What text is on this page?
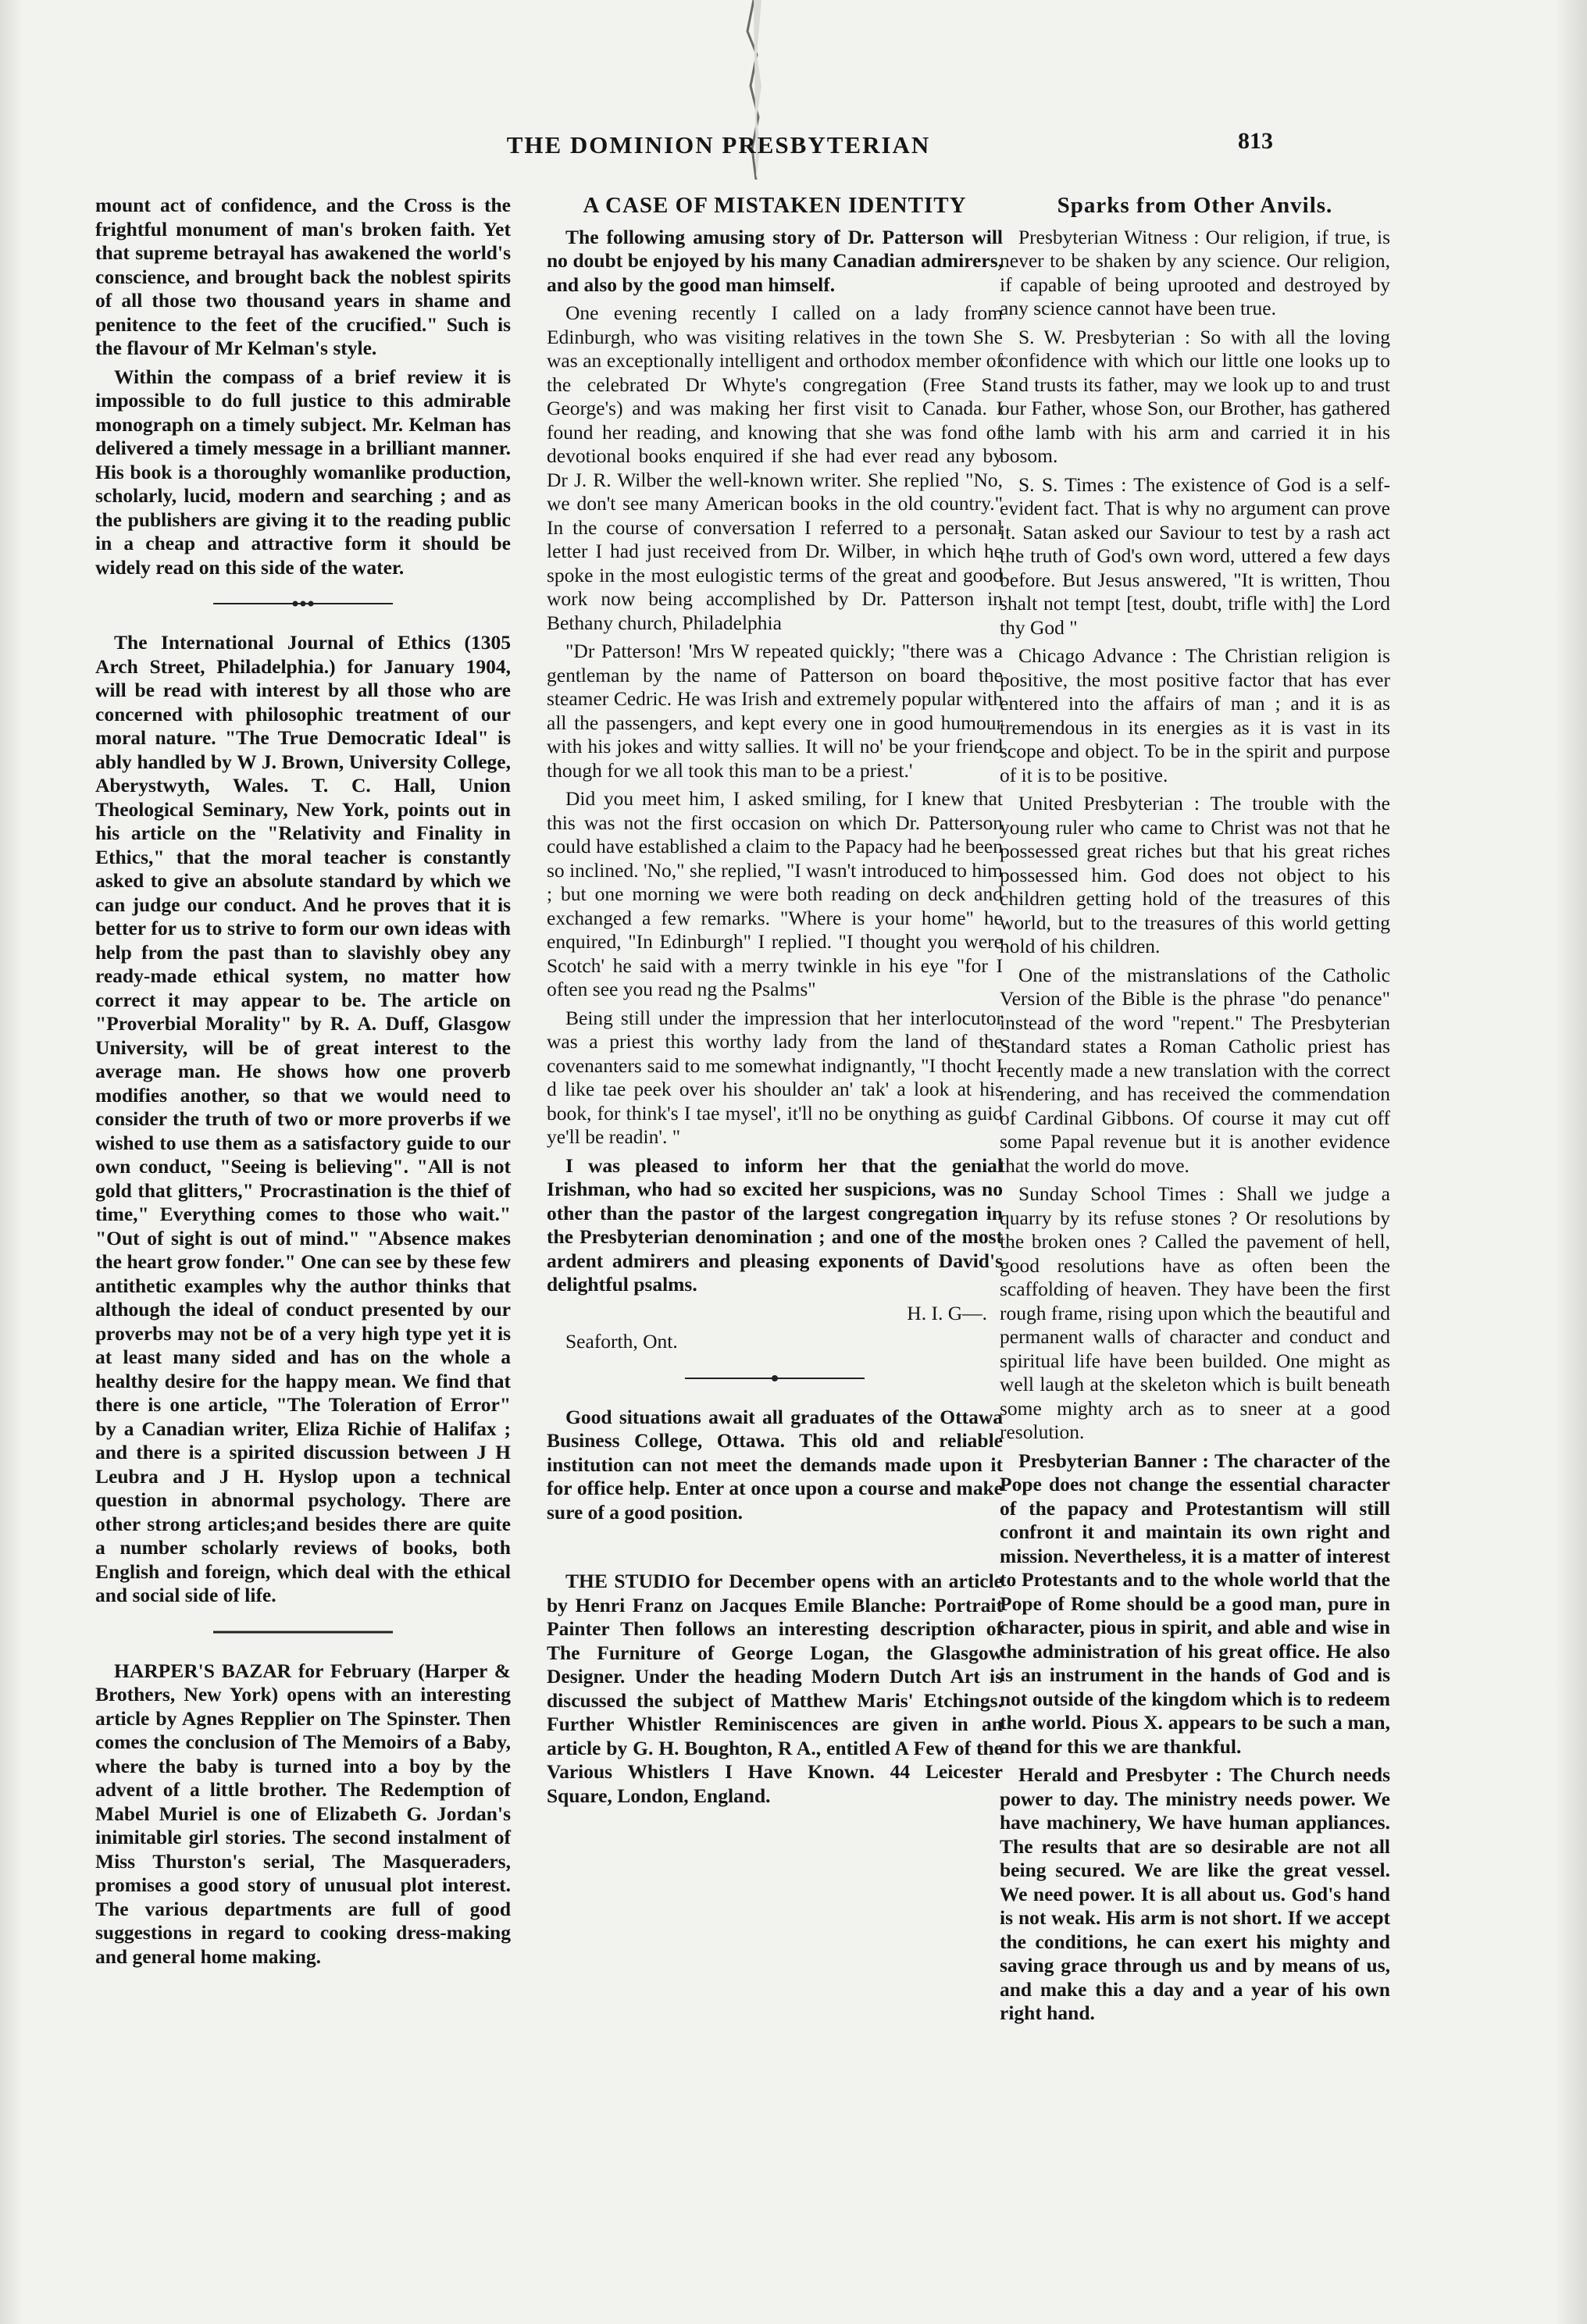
THE DOMINION PRESBYTERIAN	813

mount act of confidence, and the Cross is the frightful monument of man's broken faith. Yet that supreme betrayal has awakened the world's conscience, and brought back the noblest spirits of all those two thousand years in shame and penitence to the feet of the crucified." Such is the flavour of Mr Kelman's style.

Within the compass of a brief review it is impossible to do full justice to this admirable monograph on a timely subject. Mr. Kelman has delivered a timely message in a brilliant manner. His book is a thoroughly womanlike production, scholarly, lucid, modern and searching ; and as the publishers are giving it to the reading public in a cheap and attractive form it should be widely read on this side of the water.

The International Journal of Ethics (1305 Arch Street, Philadelphia.) for January 1904, will be read with interest by all those who are concerned with philosophic treatment of our moral nature. "The True Democratic Ideal" is ably handled by W J. Brown, University College, Aberystwyth, Wales. T. C. Hall, Union Theological Seminary, New York, points out in his article on the "Relativity and Finality in Ethics," that the moral teacher is constantly asked to give an absolute standard by which we can judge our conduct. And he proves that it is better for us to strive to form our own ideas with help from the past than to slavishly obey any ready-made ethical system, no matter how correct it may appear to be. The article on "Proverbial Morality" by R. A. Duff, Glasgow University, will be of great interest to the average man. He shows how one proverb modifies another, so that we would need to consider the truth of two or more proverbs if we wished to use them as a satisfactory guide to our own conduct, "Seeing is believing". "All is not gold that glitters," Procrastination is the thief of time," Everything comes to those who wait." "Out of sight is out of mind." "Absence makes the heart grow fonder." One can see by these few antithetic examples why the author thinks that although the ideal of conduct presented by our proverbs may not be of a very high type yet it is at least many sided and has on the whole a healthy desire for the happy mean. We find that there is one article, "The Toleration of Error" by a Canadian writer, Eliza Richie of Halifax ; and there is a spirited discussion between J H Leubra and J H. Hyslop upon a technical question in abnormal psychology. There are other strong articles;and besides there are quite a number scholarly reviews of books, both English and foreign, which deal with the ethical and social side of life.

HARPER'S BAZAR for February (Harper & Brothers, New York) opens with an interesting article by Agnes Repplier on The Spinster. Then comes the conclusion of The Memoirs of a Baby, where the baby is turned into a boy by the advent of a little brother. The Redemption of Mabel Muriel is one of Elizabeth G. Jordan's inimitable girl stories. The second instalment of Miss Thurston's serial, The Masqueraders, promises a good story of unusual plot interest. The various departments are full of good suggestions in regard to cooking dress-making and general home making.

A CASE OF MISTAKEN IDENTITY

The following amusing story of Dr. Patterson will no doubt be enjoyed by his many Canadian admirers, and also by the good man himself.

One evening recently I called on a lady from Edinburgh, who was visiting relatives in the town She was an exceptionally intelligent and orthodox member of the celebrated Dr Whyte's congregation (Free St. George's) and was making her first visit to Canada. I found her reading, and knowing that she was fond of devotional books enquired if she had ever read any by Dr J. R. Wilber the well-known writer. She replied "No, we don't see many American books in the old country." In the course of conversation I referred to a personal letter I had just received from Dr. Wilber, in which he spoke in the most eulogistic terms of the great and good work now being accomplished by Dr. Patterson in Bethany church, Philadelphia

"Dr Patterson! 'Mrs W repeated quickly; "there was a gentleman by the name of Patterson on board the steamer Cedric. He was Irish and extremely popular with all the passengers, and kept every one in good humour with his jokes and witty sallies. It will no' be your friend though for we all took this man to be a priest.'

Did you meet him, I asked smiling, for I knew that this was not the first occasion on which Dr. Patterson could have established a claim to the Papacy had he been so inclined. 'No," she replied, "I wasn't introduced to him ; but one morning we were both reading on deck and exchanged a few remarks. "Where is your home" he enquired, "In Edinburgh" I replied. "I thought you were Scotch' he said with a merry twinkle in his eye "for I often see you read ng the Psalms"

Being still under the impression that her interlocutor was a priest this worthy lady from the land of the covenanters said to me somewhat indignantly, "I thocht I d like tae peek over his shoulder an' tak' a look at his book, for think's I tae mysel', it'll no be onything as guid ye'll be readin'. "

I was pleased to inform her that the genial Irishman, who had so excited her suspicions, was no other than the pastor of the largest congregation in the Presbyterian denomination ; and one of the most ardent admirers and pleasing exponents of David's delightful psalms.

H. I. G—.

Seaforth, Ont.

Good situations await all graduates of the Ottawa Business College, Ottawa. This old and reliable institution can not meet the demands made upon it for office help. Enter at once upon a course and make sure of a good position.

THE STUDIO for December opens with an article by Henri Franz on Jacques Emile Blanche: Portrait Painter Then follows an interesting description of The Furniture of George Logan, the Glasgow Designer. Under the heading Modern Dutch Art is discussed the subject of Matthew Maris' Etchings. Further Whistler Reminiscences are given in an article by G. H. Boughton, R A., entitled A Few of the Various Whistlers I Have Known. 44 Leicester Square, London, England.

Sparks from Other Anvils.

Presbyterian Witness : Our religion, if true, is never to be shaken by any science. Our religion, if capable of being uprooted and destroyed by any science cannot have been true.

S. W. Presbyterian : So with all the loving confidence with which our little one looks up to and trusts its father, may we look up to and trust our Father, whose Son, our Brother, has gathered the lamb with his arm and carried it in his bosom.

S. S. Times : The existence of God is a self-evident fact. That is why no argument can prove it. Satan asked our Saviour to test by a rash act the truth of God's own word, uttered a few days before. But Jesus answered, "It is written, Thou shalt not tempt [test, doubt, trifle with] the Lord thy God "

Chicago Advance : The Christian religion is positive, the most positive factor that has ever entered into the affairs of man ; and it is as tremendous in its energies as it is vast in its scope and object. To be in the spirit and purpose of it is to be positive.

United Presbyterian : The trouble with the young ruler who came to Christ was not that he possessed great riches but that his great riches possessed him. God does not object to his children getting hold of the treasures of this world, but to the treasures of this world getting hold of his children.

One of the mistranslations of the Catholic Version of the Bible is the phrase "do penance" instead of the word "repent." The Presbyterian Standard states a Roman Catholic priest has recently made a new translation with the correct rendering, and has received the commendation of Cardinal Gibbons. Of course it may cut off some Papal revenue but it is another evidence that the world do move.

Sunday School Times : Shall we judge a quarry by its refuse stones ? Or resolutions by the broken ones ? Called the pavement of hell, good resolutions have as often been the scaffolding of heaven. They have been the first rough frame, rising upon which the beautiful and permanent walls of character and conduct and spiritual life have been builded. One might as well laugh at the skeleton which is built beneath some mighty arch as to sneer at a good resolution.

Presbyterian Banner : The character of the Pope does not change the essential character of the papacy and Protestantism will still confront it and maintain its own right and mission. Nevertheless, it is a matter of interest to Protestants and to the whole world that the Pope of Rome should be a good man, pure in character, pious in spirit, and able and wise in the administration of his great office. He also is an instrument in the hands of God and is not outside of the kingdom which is to redeem the world. Pious X. appears to be such a man, and for this we are thankful.

Herald and Presbyter : The Church needs power to day. The ministry needs power. We have machinery, We have human appliances. The results that are so desirable are not all being secured. We are like the great vessel. We need power. It is all about us. God's hand is not weak. His arm is not short. If we accept the conditions, he can exert his mighty and saving grace through us and by means of us, and make this a day and a year of his own right hand.
